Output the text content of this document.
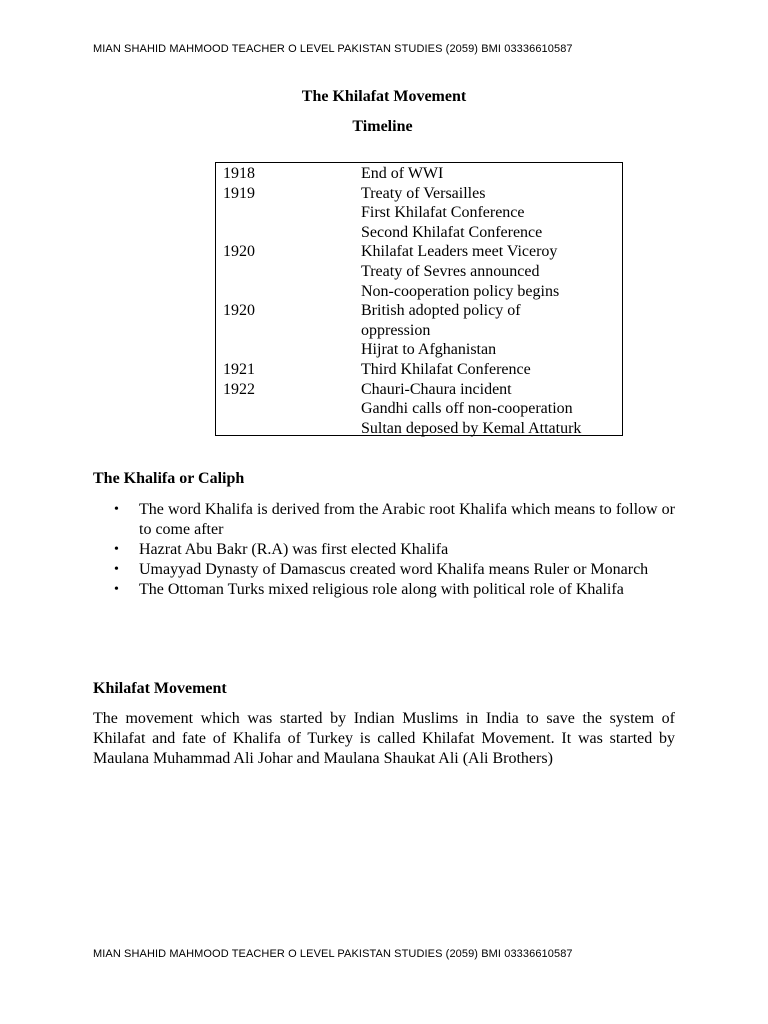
MIAN SHAHID MAHMOOD TEACHER O LEVEL PAKISTAN STUDIES (2059) BMI 03336610587
The Khilafat Movement
Timeline
1918	End of WWI
1919	Treaty of Versailles
First Khilafat Conference
Second Khilafat Conference
1920	Khilafat Leaders meet Viceroy
Treaty of Sevres announced
Non-cooperation policy begins
1920	British adopted policy of
oppression
Hijrat to Afghanistan
1921	Third Khilafat Conference
1922	Chauri-Chaura incident
Gandhi calls off non-cooperation
Sultan deposed by Kemal Attaturk
The Khalifa or Caliph
• The word Khalifa is derived from the Arabic root Khalifa which means to follow or to come after
• Hazrat Abu Bakr (R.A) was first elected Khalifa
• Umayyad Dynasty of Damascus created word Khalifa means Ruler or Monarch
• The Ottoman Turks mixed religious role along with political role of Khalifa
Khilafat Movement

The movement which was started by Indian Muslims in India to save the system of Khilafat and fate of Khalifa of Turkey is called Khilafat Movement. It was started by Maulana Muhammad Ali Johar and Maulana Shaukat Ali (Ali Brothers)

MIAN SHAHID MAHMOOD TEACHER O LEVEL PAKISTAN STUDIES (2059) BMI 03336610587
